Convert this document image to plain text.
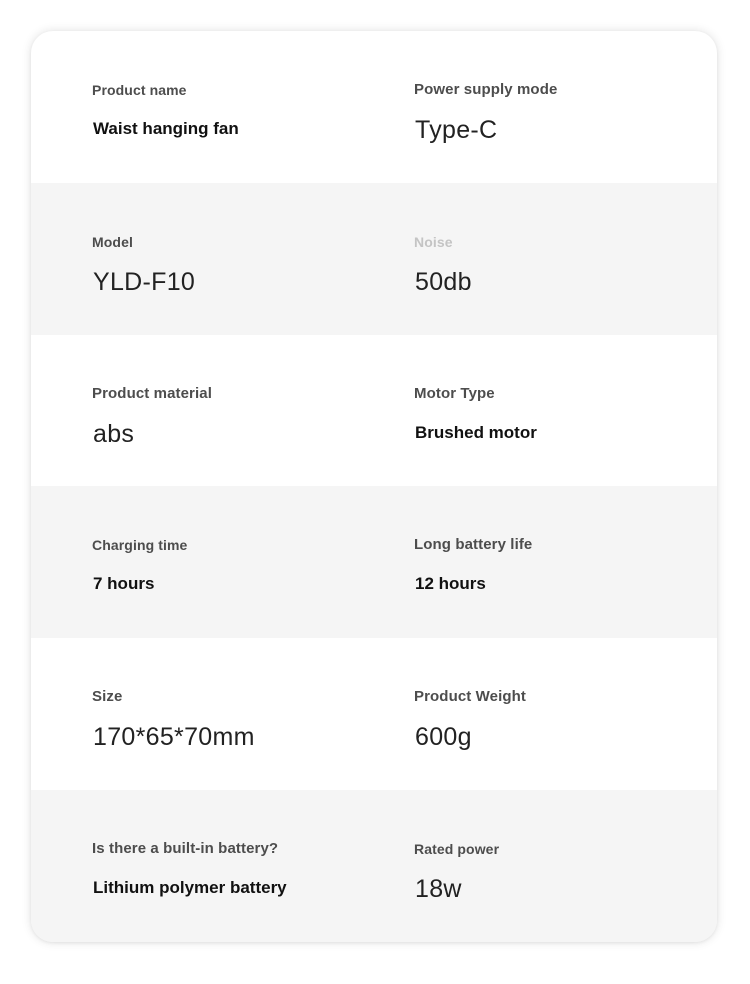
Product name
Waist hanging fan
Power supply mode
Type-C
Model
YLD-F10
Noise
50db
Product material
abs
Motor Type
Brushed motor
Charging time
7 hours
Long battery life
12 hours
Size
170*65*70mm
Product Weight
600g
Is there a built-in battery?
Lithium polymer battery
Rated power
18w
